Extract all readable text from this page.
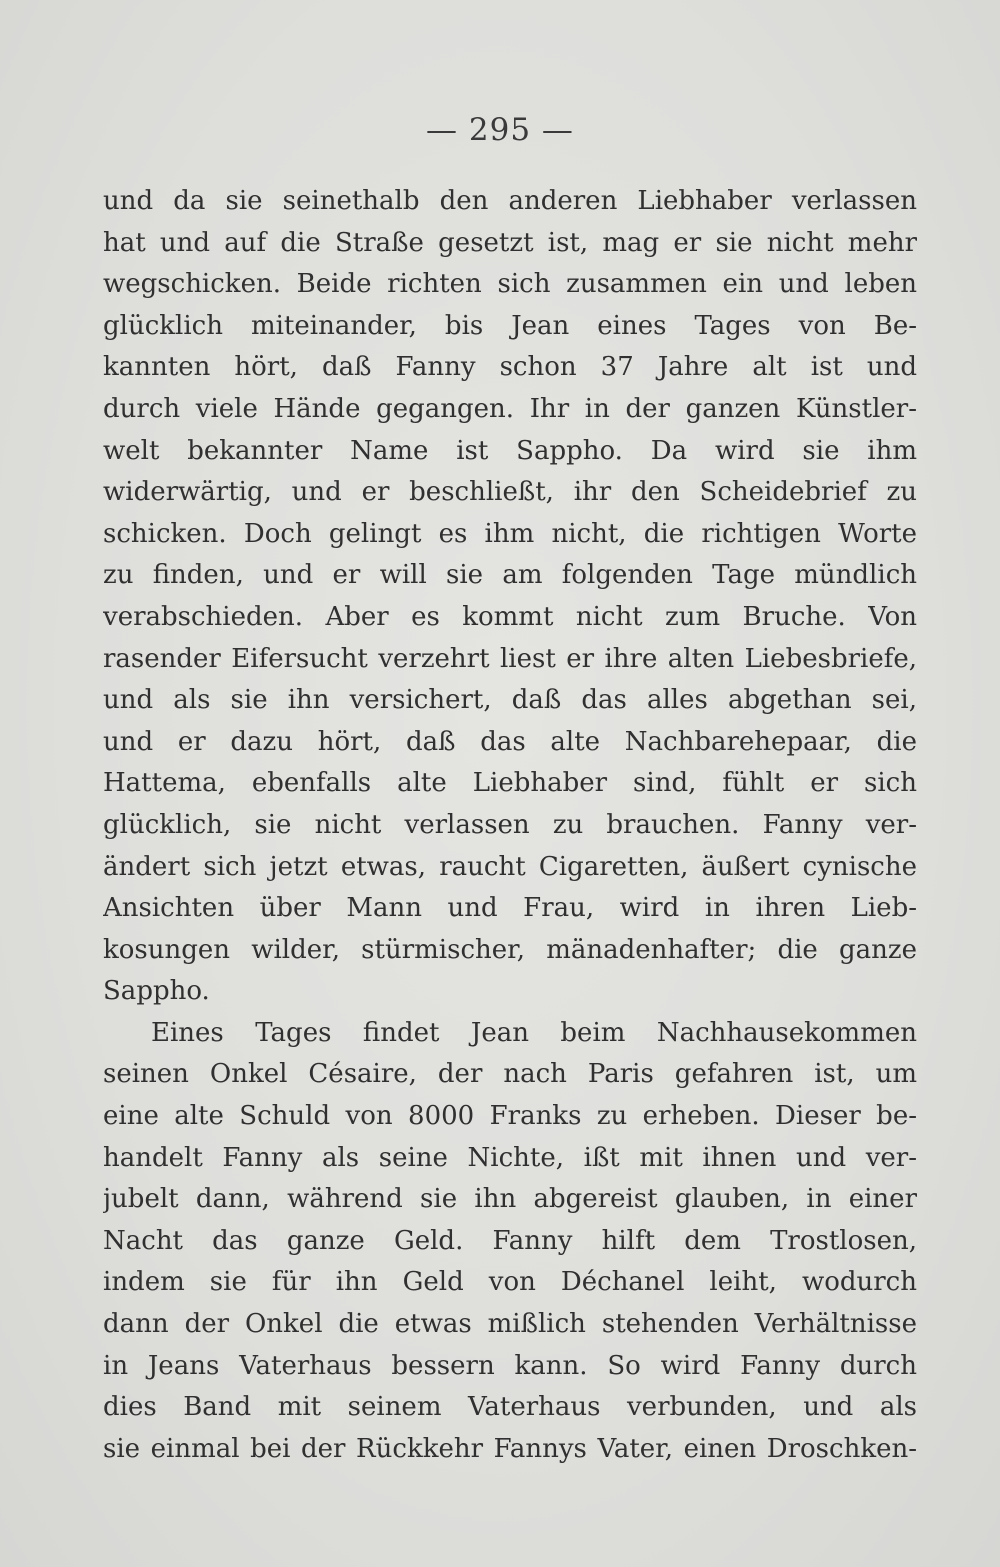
— 295 —
und da sie seinethalb den anderen Liebhaber verlassen
hat und auf die Straße gesetzt ist, mag er sie nicht mehr
wegschicken. Beide richten sich zusammen ein und leben
glücklich miteinander, bis Jean eines Tages von Be-
kannten hört, daß Fanny schon 37 Jahre alt ist und
durch viele Hände gegangen. Ihr in der ganzen Künstler-
welt bekannter Name ist Sappho. Da wird sie ihm
widerwärtig, und er beschließt, ihr den Scheidebrief zu
schicken. Doch gelingt es ihm nicht, die richtigen Worte
zu finden, und er will sie am folgenden Tage mündlich
verabschieden. Aber es kommt nicht zum Bruche. Von
rasender Eifersucht verzehrt liest er ihre alten Liebesbriefe,
und als sie ihn versichert, daß das alles abgethan sei,
und er dazu hört, daß das alte Nachbarehepaar, die
Hattema, ebenfalls alte Liebhaber sind, fühlt er sich
glücklich, sie nicht verlassen zu brauchen. Fanny ver-
ändert sich jetzt etwas, raucht Cigaretten, äußert cynische
Ansichten über Mann und Frau, wird in ihren Lieb-
kosungen wilder, stürmischer, mänadenhafter; die ganze
Sappho.
Eines Tages findet Jean beim Nachhausekommen
seinen Onkel Césaire, der nach Paris gefahren ist, um
eine alte Schuld von 8000 Franks zu erheben. Dieser be-
handelt Fanny als seine Nichte, ißt mit ihnen und ver-
jubelt dann, während sie ihn abgereist glauben, in einer
Nacht das ganze Geld. Fanny hilft dem Trostlosen,
indem sie für ihn Geld von Déchanel leiht, wodurch
dann der Onkel die etwas mißlich stehenden Verhältnisse
in Jeans Vaterhaus bessern kann. So wird Fanny durch
dies Band mit seinem Vaterhaus verbunden, und als
sie einmal bei der Rückkehr Fannys Vater, einen Droschken-
